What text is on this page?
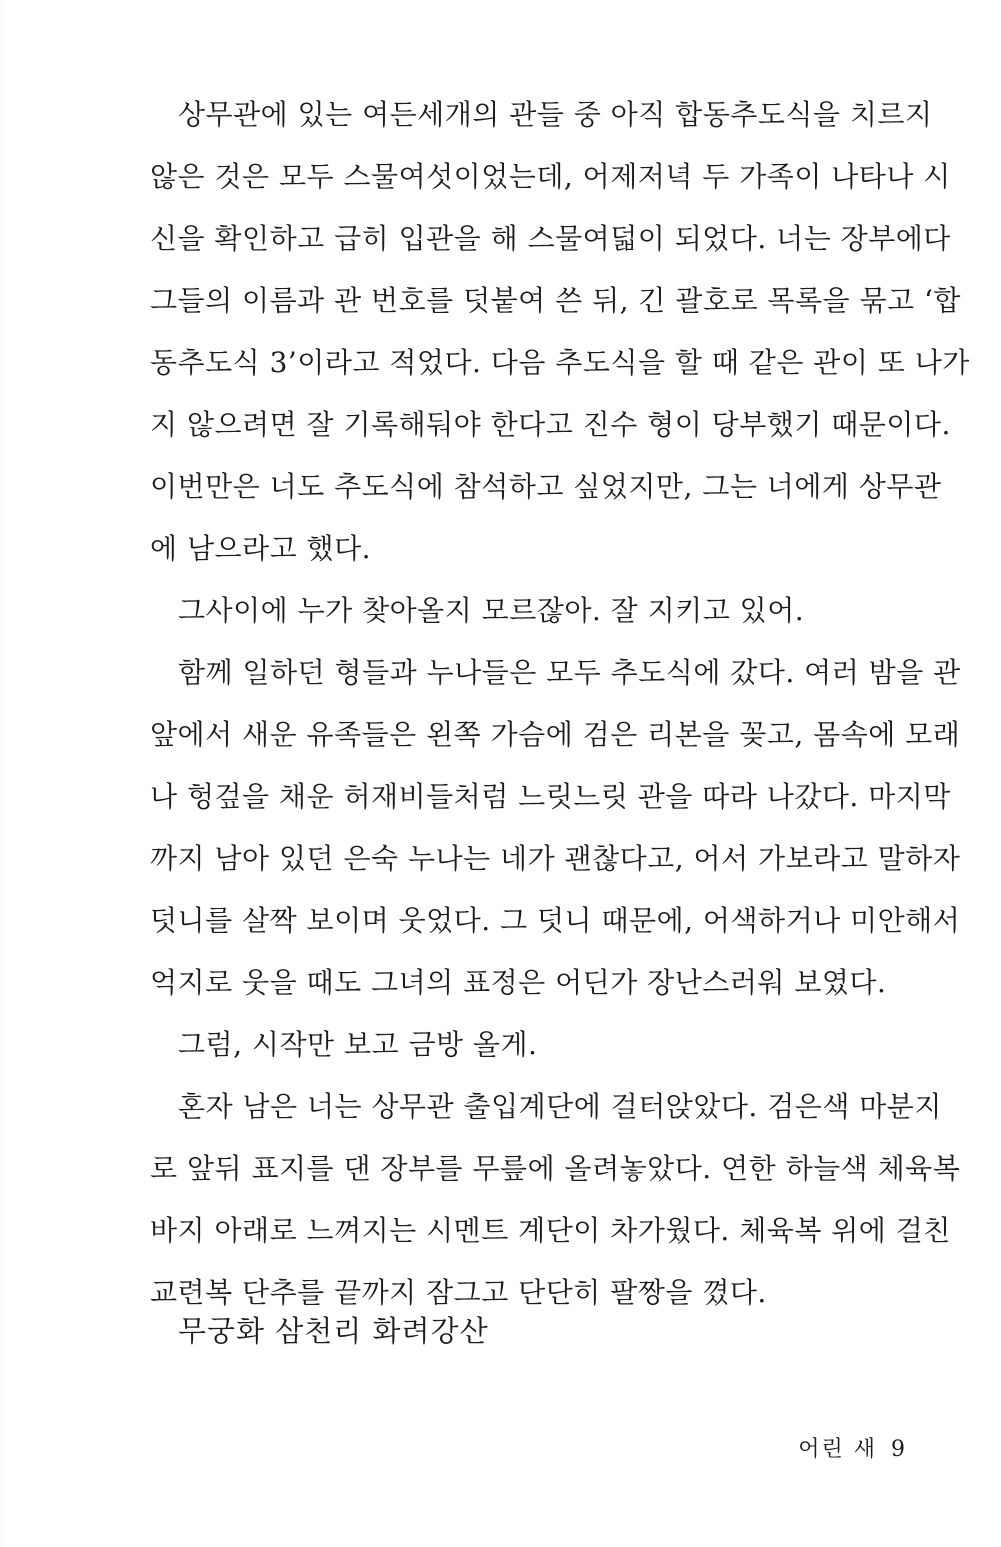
상무관에 있는 여든세개의 관들 중 아직 합동추도식을 치르지
않은 것은 모두 스물여섯이었는데, 어제저녁 두 가족이 나타나 시
신을 확인하고 급히 입관을 해 스물여덟이 되었다. 너는 장부에다
그들의 이름과 관 번호를 덧붙여 쓴 뒤, 긴 괄호로 목록을 묶고 ‘합
동추도식 3’이라고 적었다. 다음 추도식을 할 때 같은 관이 또 나가
지 않으려면 잘 기록해둬야 한다고 진수 형이 당부했기 때문이다.
이번만은 너도 추도식에 참석하고 싶었지만, 그는 너에게 상무관
에 남으라고 했다.
그사이에 누가 찾아올지 모르잖아. 잘 지키고 있어.
함께 일하던 형들과 누나들은 모두 추도식에 갔다. 여러 밤을 관
앞에서 새운 유족들은 왼쪽 가슴에 검은 리본을 꽂고, 몸속에 모래
나 헝겊을 채운 허재비들처럼 느릿느릿 관을 따라 나갔다. 마지막
까지 남아 있던 은숙 누나는 네가 괜찮다고, 어서 가보라고 말하자
덧니를 살짝 보이며 웃었다. 그 덧니 때문에, 어색하거나 미안해서
억지로 웃을 때도 그녀의 표정은 어딘가 장난스러워 보였다.
그럼, 시작만 보고 금방 올게.
혼자 남은 너는 상무관 출입계단에 걸터앉았다. 검은색 마분지
로 앞뒤 표지를 댄 장부를 무릎에 올려놓았다. 연한 하늘색 체육복
바지 아래로 느껴지는 시멘트 계단이 차가웠다. 체육복 위에 걸친
교련복 단추를 끝까지 잠그고 단단히 팔짱을 꼈다.
무궁화 삼천리 화려강산
어린 새 9
